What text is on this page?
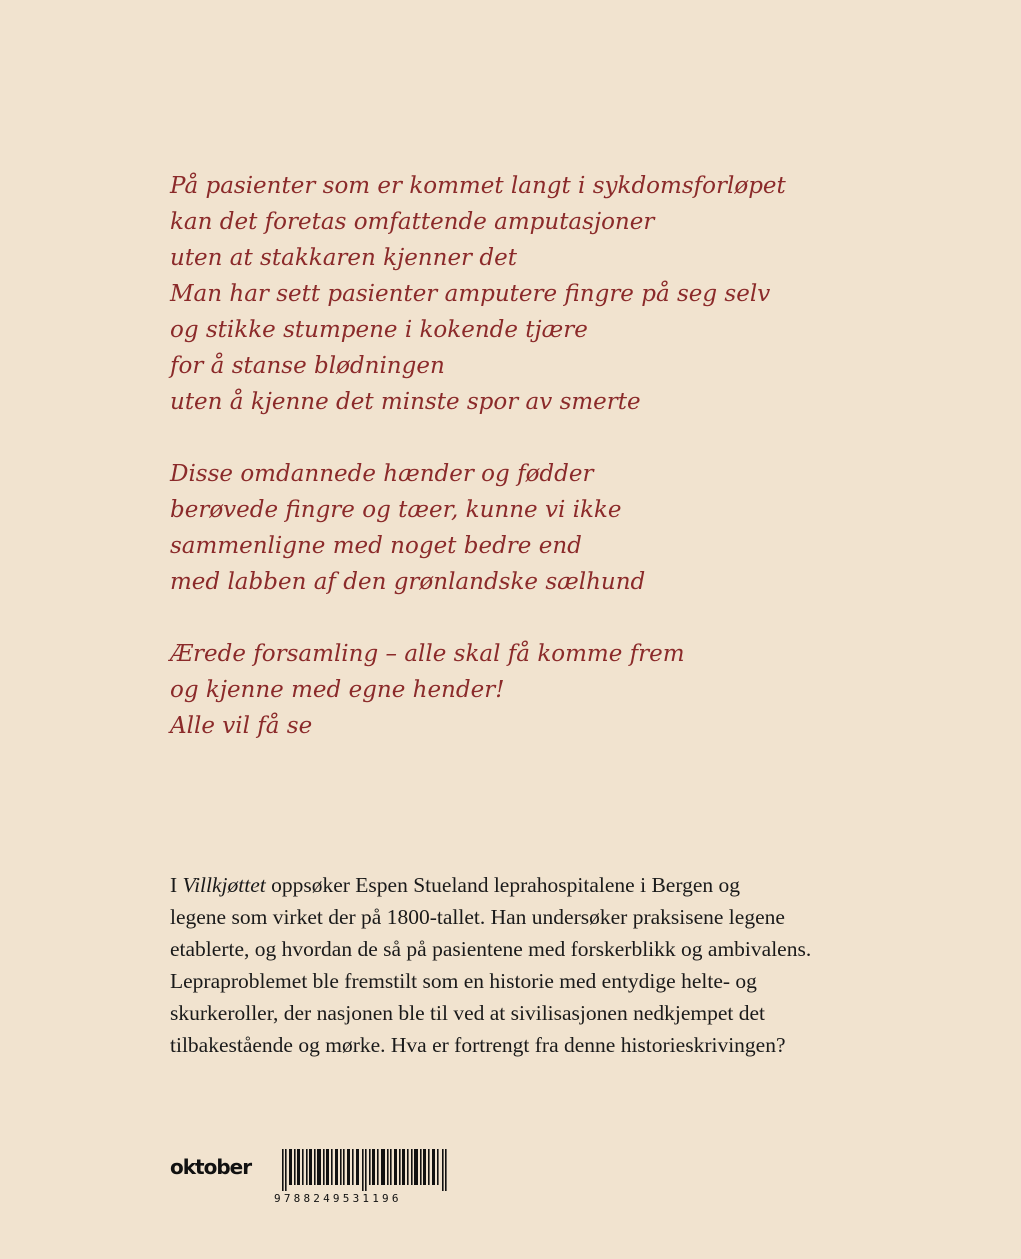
På pasienter som er kommet langt i sykdomsforløpet
kan det foretas omfattende amputasjoner
uten at stakkaren kjenner det
Man har sett pasienter amputere fingre på seg selv
og stikke stumpene i kokende tjære
for å stanse blødningen
uten å kjenne det minste spor av smerte
Disse omdannede hænder og fødder
berøvede fingre og tæer, kunne vi ikke
sammenligne med noget bedre end
med labben af den grønlandske sælhund
Ærede forsamling – alle skal få komme frem
og kjenne med egne hender!
Alle vil få se
I Villkjøttet oppsøker Espen Stueland leprahospitalene i Bergen og
legene som virket der på 1800-tallet. Han undersøker praksisene legene
etablerte, og hvordan de så på pasientene med forskerblikk og ambivalens.
Lepraproblemet ble fremstilt som en historie med entydige helte- og
skurkeroller, der nasjonen ble til ved at sivilisasjonen nedkjempet det
tilbakestående og mørke. Hva er fortrengt fra denne historieskrivingen?
oktober
9788249531196
